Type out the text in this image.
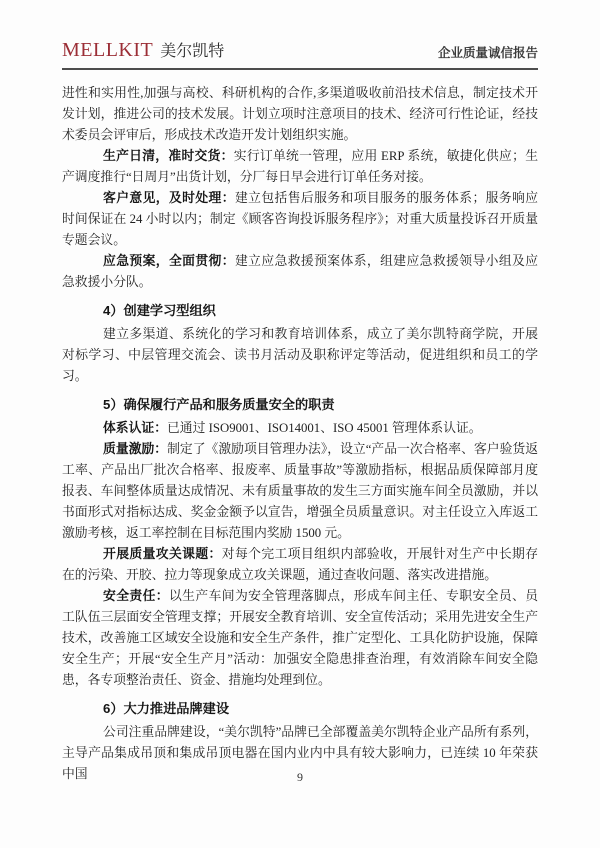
MELLKIT 美尔凯特	企业质量诚信报告

进性和实用性,加强与高校、科研机构的合作,多渠道吸收前沿技术信息，制定技术开发计划，推进公司的技术发展。计划立项时注意项目的技术、经济可行性论证，经技术委员会评审后，形成技术改造开发计划组织实施。

生产日清，准时交货：实行订单统一管理，应用 ERP 系统，敏捷化供应；生产调度推行“日周月”出货计划，分厂每日早会进行订单任务对接。

客户意见，及时处理：建立包括售后服务和项目服务的服务体系；服务响应时间保证在 24 小时以内；制定《顾客咨询投诉服务程序》；对重大质量投诉召开质量专题会议。

应急预案，全面贯彻：建立应急救援预案体系，组建应急救援领导小组及应急救援小分队。

4）创建学习型组织

建立多渠道、系统化的学习和教育培训体系，成立了美尔凯特商学院，开展对标学习、中层管理交流会、读书月活动及职称评定等活动，促进组织和员工的学习。

5）确保履行产品和服务质量安全的职责

体系认证：已通过 ISO9001、ISO14001、ISO 45001 管理体系认证。

质量激励：制定了《激励项目管理办法》，设立“产品一次合格率、客户验货返工率、产品出厂批次合格率、报废率、质量事故”等激励指标，根据品质保障部月度报表、车间整体质量达成情况、未有质量事故的发生三方面实施车间全员激励，并以书面形式对指标达成、奖金金额予以宣告，增强全员质量意识。对主任设立入库返工激励考核，返工率控制在目标范围内奖励 1500 元。

开展质量攻关课题：对每个完工项目组织内部验收，开展针对生产中长期存在的污染、开胶、拉力等现象成立攻关课题，通过查收问题、落实改进措施。

安全责任：以生产车间为安全管理落脚点，形成车间主任、专职安全员、员工队伍三层面安全管理支撑；开展安全教育培训、安全宣传活动；采用先进安全生产技术，改善施工区域安全设施和安全生产条件，推广定型化、工具化防护设施，保障安全生产；开展“安全生产月”活动：加强安全隐患排查治理，有效消除车间安全隐患，各专项整治责任、资金、措施均处理到位。

6）大力推进品牌建设

公司注重品牌建设，“美尔凯特”品牌已全部覆盖美尔凯特企业产品所有系列，主导产品集成吊顶和集成吊顶电器在国内业内中具有较大影响力，已连续 10 年荣获中国	9
